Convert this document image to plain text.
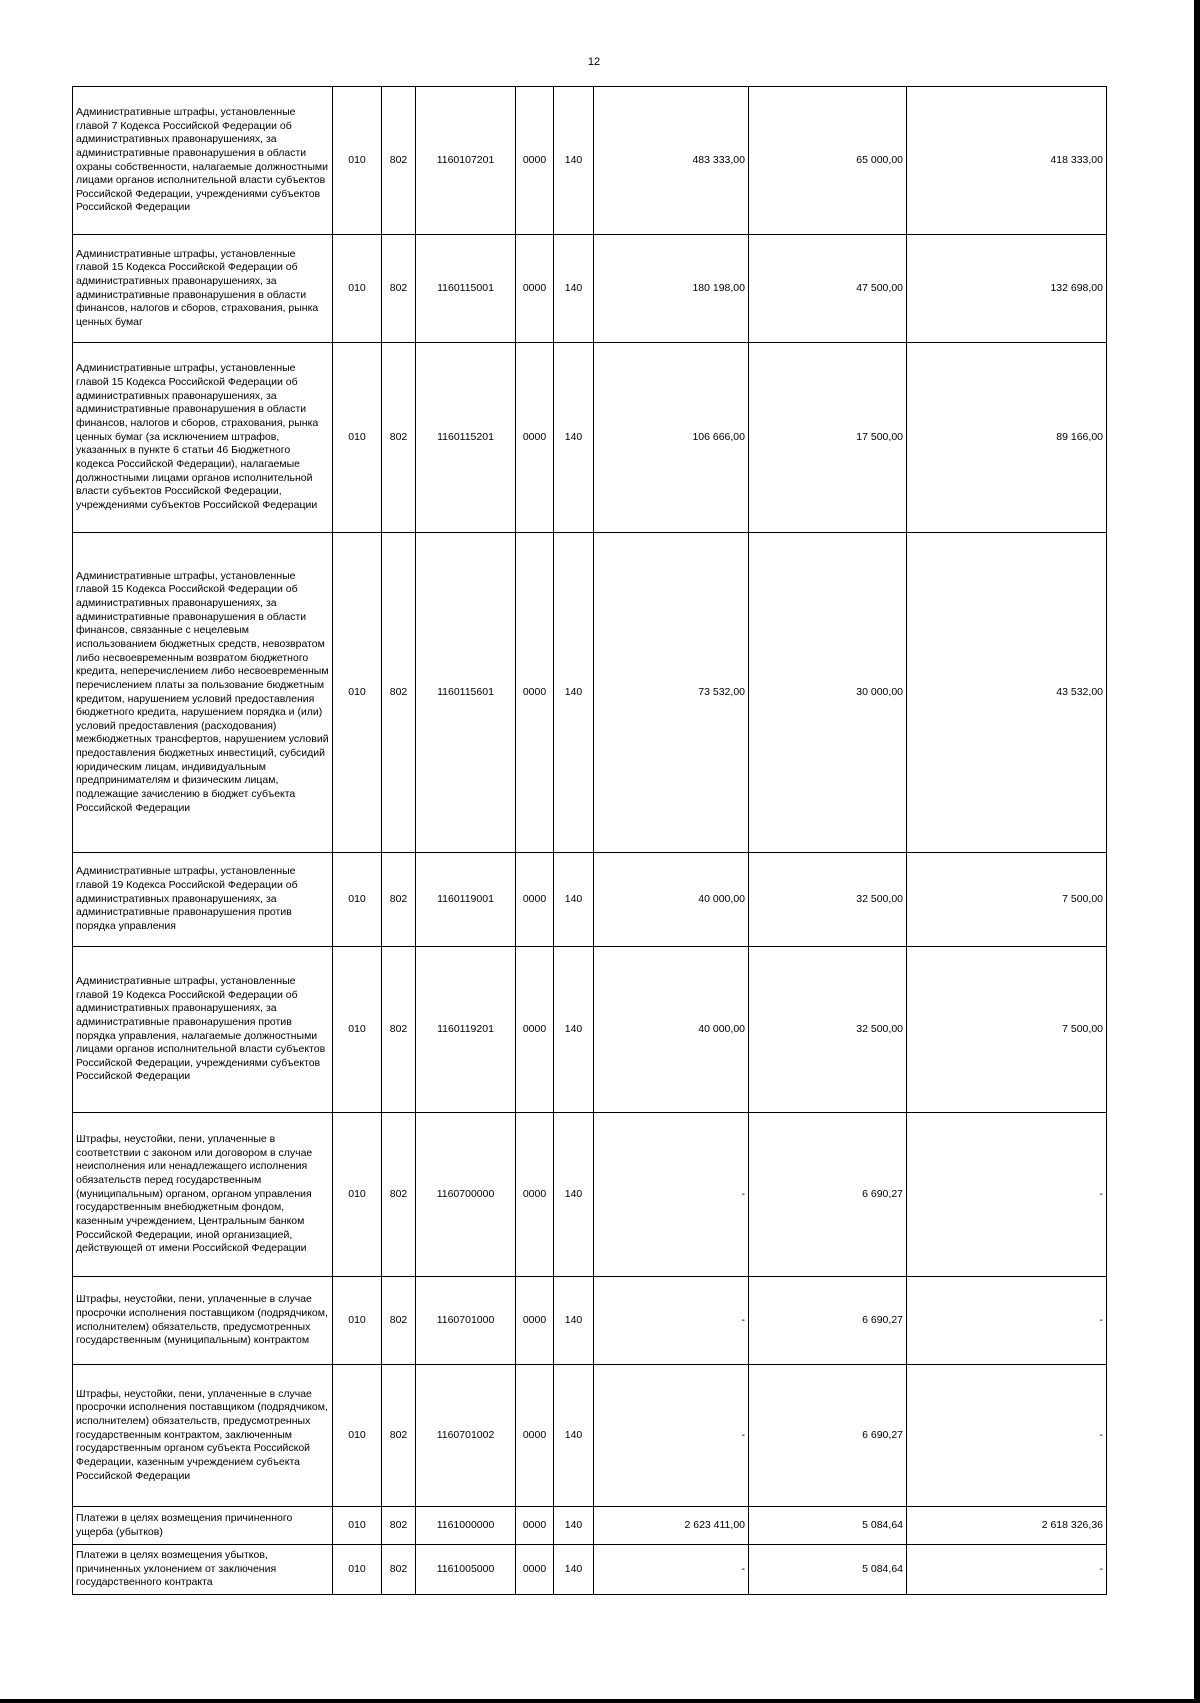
12
Административные штрафы, установленные главой 7 Кодекса Российской Федерации об административных правонарушениях, за административные правонарушения в области охраны собственности, налагаемые должностными лицами органов исполнительной власти субъектов Российской Федерации, учреждениями субъектов Российской Федерации	010	802	1160107201	0000	140	483 333,00	65 000,00	418 333,00
Административные штрафы, установленные главой 15 Кодекса Российской Федерации об административных правонарушениях, за административные правонарушения в области финансов, налогов и сборов, страхования, рынка ценных бумаг	010	802	1160115001	0000	140	180 198,00	47 500,00	132 698,00
Административные штрафы, установленные главой 15 Кодекса Российской Федерации об административных правонарушениях, за административные правонарушения в области финансов, налогов и сборов, страхования, рынка ценных бумаг (за исключением штрафов, указанных в пункте 6 статьи 46 Бюджетного кодекса Российской Федерации), налагаемые должностными лицами органов исполнительной власти субъектов Российской Федерации, учреждениями субъектов Российской Федерации	010	802	1160115201	0000	140	106 666,00	17 500,00	89 166,00
Административные штрафы, установленные главой 15 Кодекса Российской Федерации об административных правонарушениях, за административные правонарушения в области финансов, связанные с нецелевым использованием бюджетных средств, невозвратом либо несвоевременным возвратом бюджетного кредита, неперечислением либо несвоевременным перечислением платы за пользование бюджетным кредитом, нарушением условий предоставления бюджетного кредита, нарушением порядка и (или) условий предоставления (расходования) межбюджетных трансфертов, нарушением условий предоставления бюджетных инвестиций, субсидий юридическим лицам, индивидуальным предпринимателям и физическим лицам, подлежащие зачислению в бюджет субъекта Российской Федерации	010	802	1160115601	0000	140	73 532,00	30 000,00	43 532,00
Административные штрафы, установленные главой 19 Кодекса Российской Федерации об административных правонарушениях, за административные правонарушения против порядка управления	010	802	1160119001	0000	140	40 000,00	32 500,00	7 500,00
Административные штрафы, установленные главой 19 Кодекса Российской Федерации об административных правонарушениях, за административные правонарушения против порядка управления, налагаемые должностными лицами органов исполнительной власти субъектов Российской Федерации, учреждениями субъектов Российской Федерации	010	802	1160119201	0000	140	40 000,00	32 500,00	7 500,00
Штрафы, неустойки, пени, уплаченные в соответствии с законом или договором в случае неисполнения или ненадлежащего исполнения обязательств перед государственным (муниципальным) органом, органом управления государственным внебюджетным фондом, казенным учреждением, Центральным банком Российской Федерации, иной организацией, действующей от имени Российской Федерации	010	802	1160700000	0000	140	-	6 690,27	-
Штрафы, неустойки, пени, уплаченные в случае просрочки исполнения поставщиком (подрядчиком, исполнителем) обязательств, предусмотренных государственным (муниципальным) контрактом	010	802	1160701000	0000	140	-	6 690,27	-
Штрафы, неустойки, пени, уплаченные в случае просрочки исполнения поставщиком (подрядчиком, исполнителем) обязательств, предусмотренных государственным контрактом, заключенным государственным органом субъекта Российской Федерации, казенным учреждением субъекта Российской Федерации	010	802	1160701002	0000	140	-	6 690,27	-
Платежи в целях возмещения причиненного ущерба (убытков)	010	802	1161000000	0000	140	2 623 411,00	5 084,64	2 618 326,36
Платежи в целях возмещения убытков, причиненных уклонением от заключения государственного контракта	010	802	1161005000	0000	140	-	5 084,64	-
